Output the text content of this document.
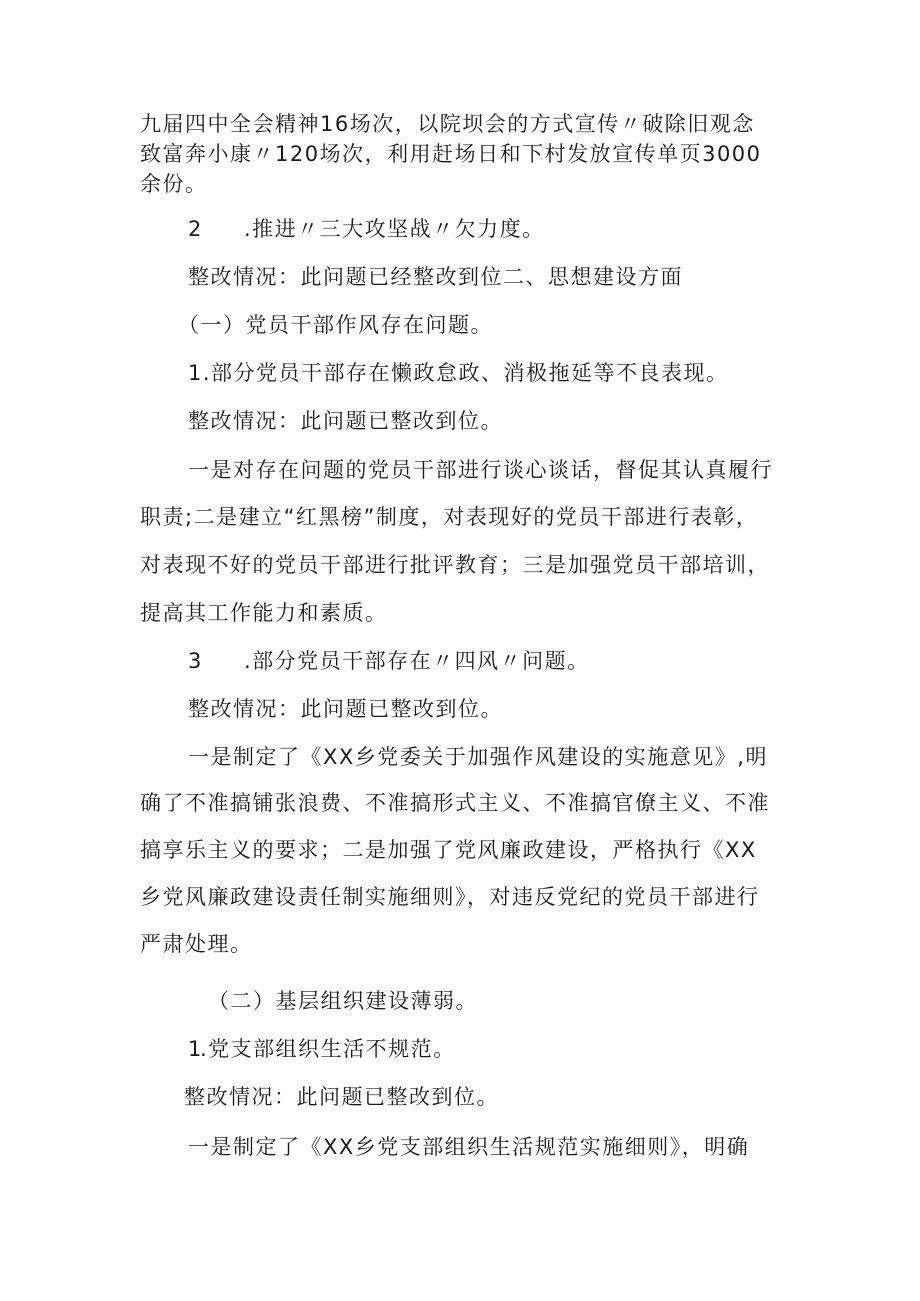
九届四中全会精神16场次，以院坝会的方式宣传〃破除旧观念
致富奔小康〃120场次，利用赶场日和下村发放宣传单页3000
余份。
2 .推进〃三大攻坚战〃欠力度。
整改情况：此问题已经整改到位二、思想建设方面
（一）党员干部作风存在问题。
1.部分党员干部存在懒政怠政、消极拖延等不良表现。
整改情况：此问题已整改到位。
一是对存在问题的党员干部进行谈心谈话，督促其认真履行
职责;二是建立“红黑榜”制度，对表现好的党员干部进行表彰，
对表现不好的党员干部进行批评教育；三是加强党员干部培训，
提高其工作能力和素质。
3 .部分党员干部存在〃四风〃问题。
整改情况：此问题已整改到位。
一是制定了《XX乡党委关于加强作风建设的实施意见》,明
确了不准搞铺张浪费、不准搞形式主义、不准搞官僚主义、不准
搞享乐主义的要求；二是加强了党风廉政建设，严格执行《XX
乡党风廉政建设责任制实施细则》，对违反党纪的党员干部进行
严肃处理。
（二）基层组织建设薄弱。
1.党支部组织生活不规范。
整改情况：此问题已整改到位。
一是制定了《XX乡党支部组织生活规范实施细则》，明确
